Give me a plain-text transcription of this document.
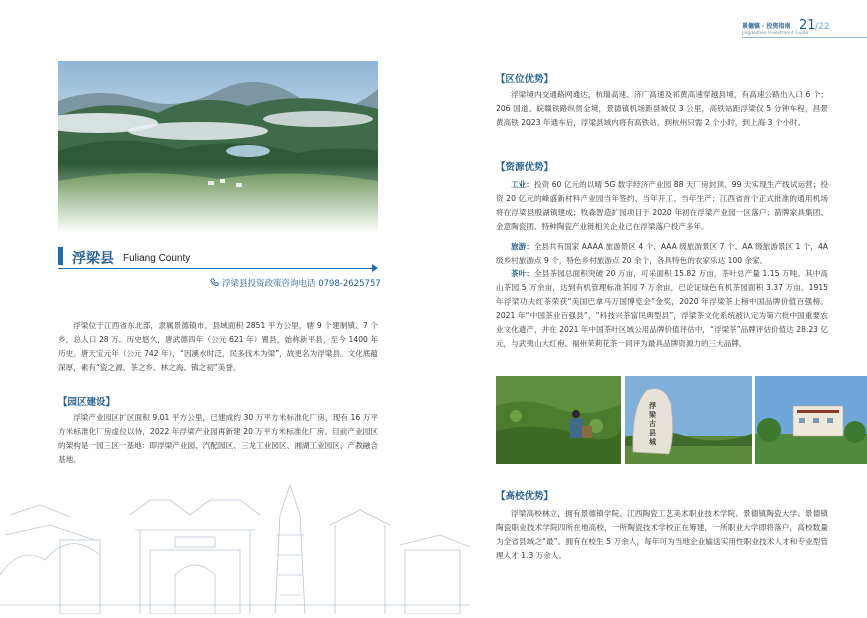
景德镇 · 投资指南
Jingdezhen Investment Guide
21 /22
浮梁县 Fuliang County
浮梁县投资政策咨询电话 0798-2625757
浮梁位于江西省东北部，隶属景德镇市，县域面积 2851 平方公里，辖 9 个建制镇、7 个乡，总人口 28 万。历史悠久，唐武德四年（公元 621 年）置县，始称新平县，至今 1400 年历史。唐天宝元年（公元 742 年），“因溪水时泛，民多伐木为梁”，故更名为浮梁县。文化底蕴深厚，素有“瓷之源、茶之乡、林之海、镇之初”美誉。
【园区建设】
浮梁产业园区扩区面积 9.01 平方公里，已建成约 30 万平方米标准化厂房，现有 16 万平方米标准化厂房虚位以待，2022 年浮梁产业园再新建 20 万平方米标准化厂房。目前产业园区的架构是一园三区一基地：即浮梁产业园、汽配园区、三龙工业园区、湘湖工业园区、产教融合基地。
【区位优势】
浮梁境内交通路网通达，杭瑞高速、济广高速及祁黄高速穿越县境，有高速公路出入口 6 个；206 国道、皖赣铁路纵贯全境，景德镇机场距县城仅 3 公里，高铁站距浮梁仅 5 分钟车程，昌景黄高铁 2023 年通车后，浮梁县域内将有高铁站，到杭州只需 2 个小时，到上海 3 个小时。
【资源优势】
工业：投资 60 亿元的以晴 5G 数字经济产业园 88 天厂房封顶、99 天实现生产线试运营；投资 20 亿元的峰盛新材料产业园当年签约、当年开工、当年生产；江西省首个正式批准的通用机场将在浮梁县殷湖镇建成；牧森智造扩园项目于 2020 年初在浮梁产业园一区落户；箭牌家具集团、金意陶瓷团、特种陶瓷产业链相关企业已在浮梁落户投产多年。
旅游：全县共有国家 AAAA 旅游景区 4 个、AAA 级旅游景区 7 个、AA 级旅游景区 1 个，4A 级乡村旅游点 9 个，特色乡村旅游点 20 余个，各具特色的农家乐达 100 余家。
茶叶：全县茶园总面积突破 20 万亩，可采面积 15.82 万亩，茶叶总产量 1.15 万吨。其中高山茶园 5 万余亩，达到有机管理标准茶园 7 万余亩，已论证绿色有机茶园面积 3.37 万亩。1915 年浮梁功夫红茶荣获“美国巴拿马万国博览会”金奖，2020 年浮梁茶上榜中国品牌价值百强榜。2021 年“中国茶业百强县”，“科技兴茶富民典型县”，浮梁茶文化系统被认定为第六批中国重要农业文化遗产，并在 2021 年中国茶叶区域公用品牌价值评估中，“浮梁茶”品牌评估价值达 28.23 亿元，与武夷山大红袍、福州茉莉花茶一同评为最具品牌资源力的三大品牌。
浮梁古县城
【高校优势】
浮梁高校林立，拥有景德镇学院、江西陶瓷工艺美术职业技术学院、景德镇陶瓷大学、景德镇陶瓷职业技术学院四所在地高校，一所陶瓷技术学校正在筹建，一所职业大学即将落户，高校数量为全省县域之“最”。拥有在校生 5 万余人，每年可为当地企业输送实用性职业技术人才和专业型管理人才 1.3 万余人。
